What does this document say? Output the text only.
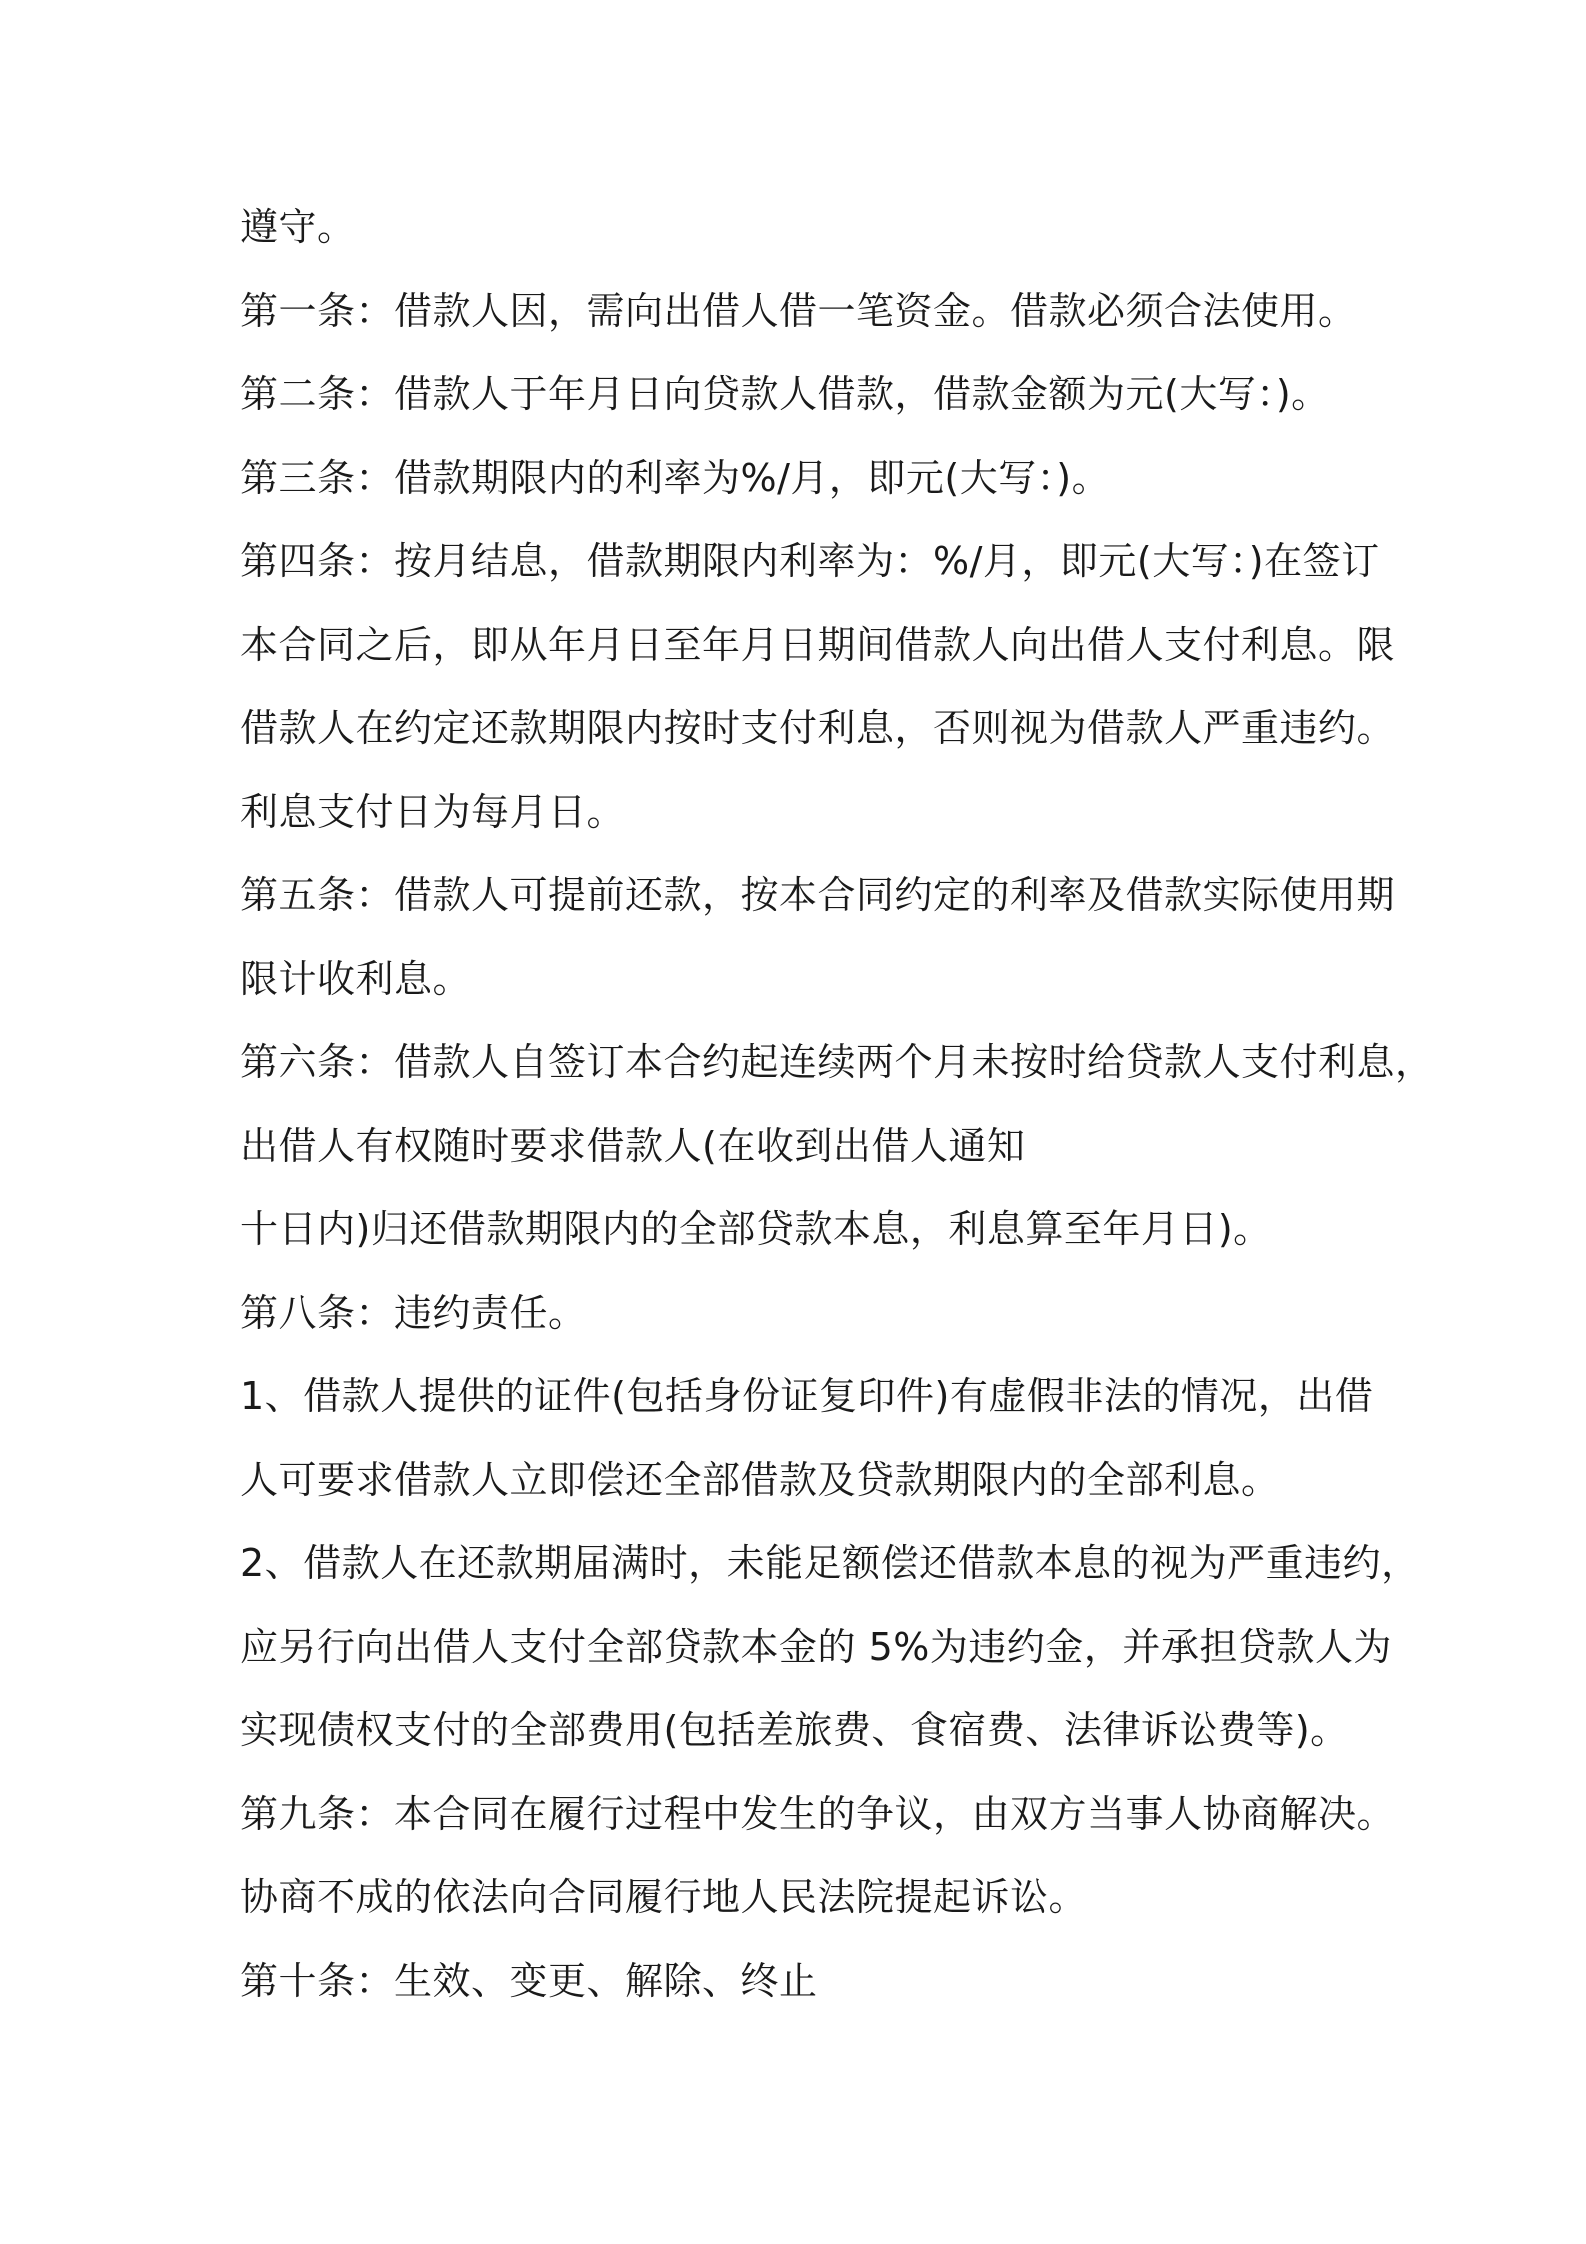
遵守。
第一条：借款人因，需向出借人借一笔资金。借款必须合法使用。
第二条：借款人于年月日向贷款人借款，借款金额为元(大写：)。
第三条：借款期限内的利率为%/月，即元(大写：)。
第四条：按月结息，借款期限内利率为：%/月，即元(大写：)在签订
本合同之后，即从年月日至年月日期间借款人向出借人支付利息。限
借款人在约定还款期限内按时支付利息，否则视为借款人严重违约。
利息支付日为每月日。
第五条：借款人可提前还款，按本合同约定的利率及借款实际使用期
限计收利息。
第六条：借款人自签订本合约起连续两个月未按时给贷款人支付利息，
出借人有权随时要求借款人(在收到出借人通知
十日内)归还借款期限内的全部贷款本息，利息算至年月日)。
第八条：违约责任。
1、借款人提供的证件(包括身份证复印件)有虚假非法的情况，出借
人可要求借款人立即偿还全部借款及贷款期限内的全部利息。
2、借款人在还款期届满时，未能足额偿还借款本息的视为严重违约，
应另行向出借人支付全部贷款本金的 5%为违约金，并承担贷款人为
实现债权支付的全部费用(包括差旅费、食宿费、法律诉讼费等)。
第九条：本合同在履行过程中发生的争议，由双方当事人协商解决。
协商不成的依法向合同履行地人民法院提起诉讼。
第十条：生效、变更、解除、终止
